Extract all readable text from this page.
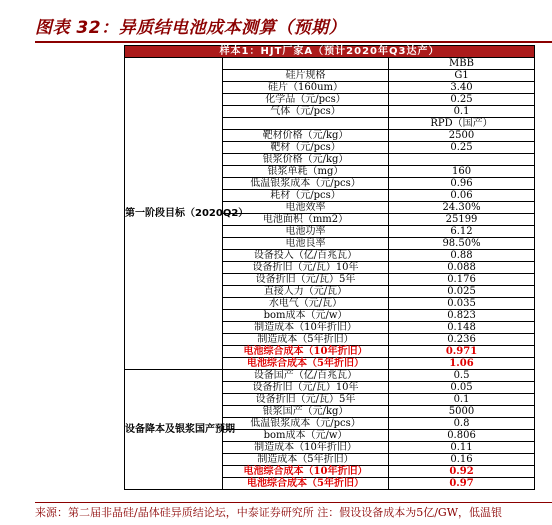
图表 32：异质结电池成本测算（预期）
样本1：HJT厂家A（预计2020年Q3达产）		
第一阶段目标（2020Q2）		MBB
	硅片规格	G1
	硅片（160um）	3.40
	化学品（元/pcs）	0.25
	气体（元/pcs）	0.1
		RPD（国产）
	靶材价格（元/kg）	2500
	靶材（元/pcs）	0.25
	银浆价格（元/kg）	
	银浆单耗（mg）	160
	低温银浆成本（元/pcs）	0.96
	耗材（元/pcs）	0.06
	电池效率	24.30%
	电池面积（mm2）	25199
	电池功率	6.12
	电池良率	98.50%
	设备投入（亿/百兆瓦）	0.88
	设备折旧（元/瓦）10年	0.088
	设备折旧（元/瓦）5年	0.176
	直接人力（元/瓦）	0.025
	水电气（元/瓦）	0.035
	bom成本（元/w）	0.823
	制造成本（10年折旧）	0.148
	制造成本（5年折旧）	0.236
	电池综合成本（10年折旧）	0.971
	电池综合成本（5年折旧）	1.06
设备降本及银浆国产预期	设备国产（亿/百兆瓦）	0.5
	设备折旧（元/瓦）10年	0.05
	设备折旧（元/瓦）5年	0.1
	银浆国产（元/kg）	5000
	低温银浆成本（元/pcs）	0.8
	bom成本（元/w）	0.806
	制造成本（10年折旧）	0.11
	制造成本（5年折旧）	0.16
	电池综合成本（10年折旧）	0.92
	电池综合成本（5年折旧）	0.97
来源：第二届非晶硅/晶体硅异质结论坛，中泰证券研究所 注：假设设备成本为5亿/GW，低温银
